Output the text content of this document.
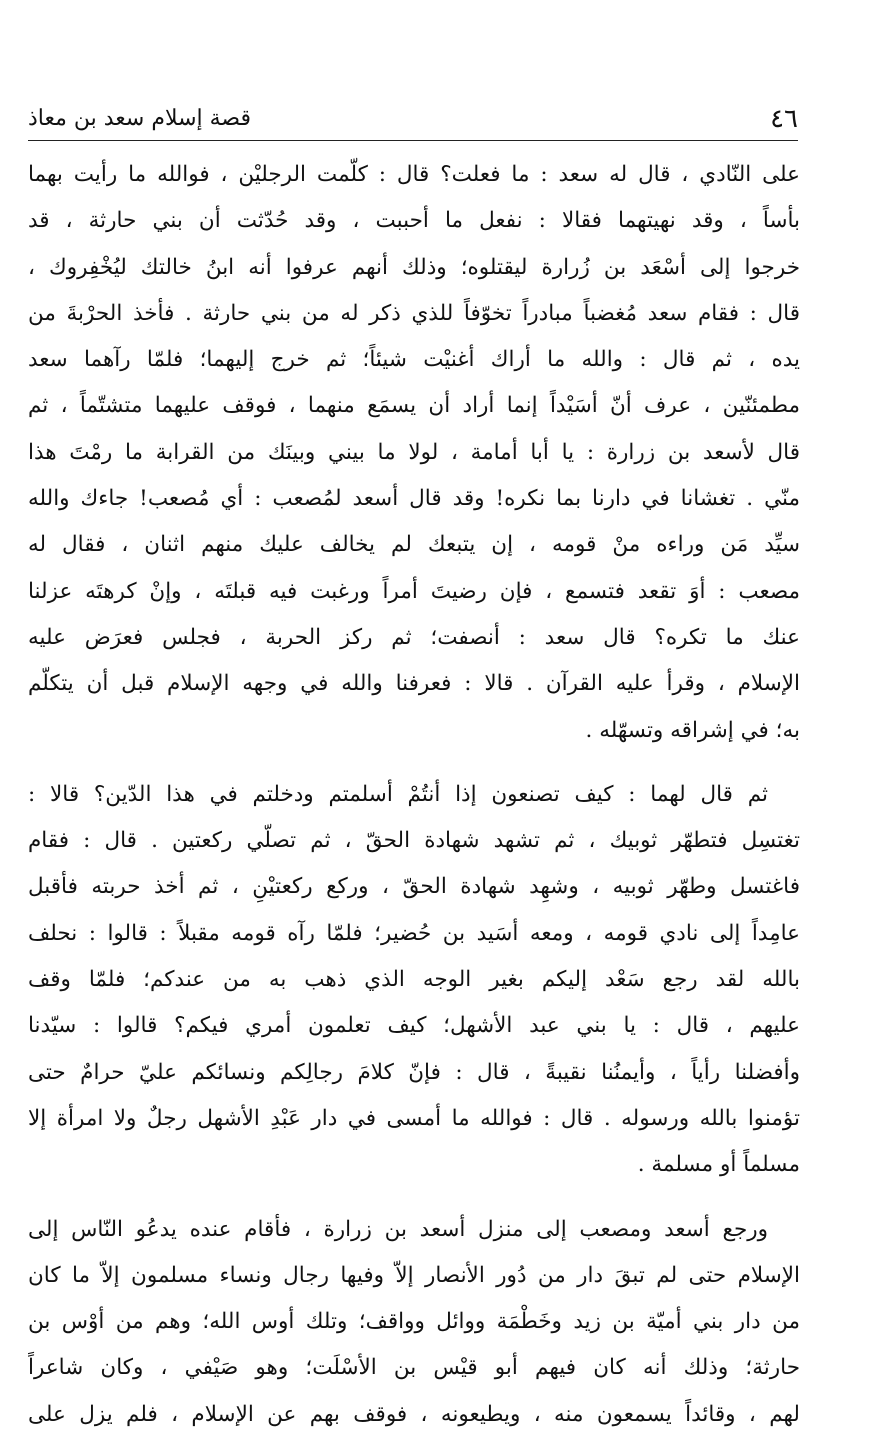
٤٦
قصة إسلام سعد بن معاذ
على النّادي ، قال له سعد : ما فعلت؟ قال : كلّمت الرجليْن ، فوالله ما رأيت بهما
بأساً ، وقد نهيتهما فقالا : نفعل ما أحببت ، وقد حُدّثت أن بني حارثة ، قد
خرجوا إلى أسْعَد بن زُرارة ليقتلوه؛ وذلك أنهم عرفوا أنه ابنُ خالتك ليُخْفِروك ،
قال : فقام سعد مُغضباً مبادراً تخوّفاً للذي ذكر له من بني حارثة . فأخذ الحرْبةَ من
يده ، ثم قال : والله ما أراك أغنيْت شيئاً؛ ثم خرج إليهما؛ فلمّا رآهما سعد
مطمئنّين ، عرف أنّ أسَيْداً إنما أراد أن يسمَع منهما ، فوقف عليهما متشتّماً ، ثم
قال لأسعد بن زرارة : يا أبا أمامة ، لولا ما بيني وبينَك من القرابة ما رمْتَ هذا
منّي . تغشانا في دارنا بما نكره! وقد قال أسعد لمُصعب : أي مُصعب! جاءك والله
سيِّد مَن وراءه منْ قومه ، إن يتبعك لم يخالف عليك منهم اثنان ، فقال له
مصعب : أوَ تقعد فتسمع ، فإن رضيتَ أمراً ورغبت فيه قبلتَه ، وإنْ كرهتَه عزلنا
عنك ما تكره؟ قال سعد : أنصفت؛ ثم ركز الحربة ، فجلس فعرَض عليه
الإسلام ، وقرأ عليه القرآن . قالا : فعرفنا والله في وجهه الإسلام قبل أن يتكلّم
به؛ في إشراقه وتسهّله .
ثم قال لهما : كيف تصنعون إذا أنتُمْ أسلمتم ودخلتم في هذا الدّين؟ قالا :
تغتسِل فتطهّر ثوبيك ، ثم تشهد شهادة الحقّ ، ثم تصلّي ركعتين . قال : فقام
فاغتسل وطهّر ثوبيه ، وشهِد شهادة الحقّ ، وركع ركعتيْنِ ، ثم أخذ حربته فأقبل
عامِداً إلى نادي قومه ، ومعه أسَيد بن حُضير؛ فلمّا رآه قومه مقبلاً : قالوا : نحلف
بالله لقد رجع سَعْد إليكم بغير الوجه الذي ذهب به من عندكم؛ فلمّا وقف
عليهم ، قال : يا بني عبد الأشهل؛ كيف تعلمون أمري فيكم؟ قالوا : سيّدنا
وأفضلنا رأياً ، وأيمنُنا نقيبةً ، قال : فإنّ كلامَ رجالِكم ونسائكم عليّ حرامٌ حتى
تؤمنوا بالله ورسوله . قال : فوالله ما أمسى في دار عَبْدِ الأشهل رجلٌ ولا امرأة إلا
مسلماً أو مسلمة .
ورجع أسعد ومصعب إلى منزل أسعد بن زرارة ، فأقام عنده يدعُو النّاس إلى
الإسلام حتى لم تبقَ دار من دُور الأنصار إلاّ وفيها رجال ونساء مسلمون إلاّ ما كان
من دار بني أميّة بن زيد وخَطْمَة ووائل وواقف؛ وتلك أوس الله؛ وهم من أوْس بن
حارثة؛ وذلك أنه كان فيهم أبو قيْس بن الأسْلَت؛ وهو صَيْفي ، وكان شاعراً
لهم ، وقائداً يسمعون منه ، ويطيعونه ، فوقف بهم عن الإسلام ، فلم يزل على
